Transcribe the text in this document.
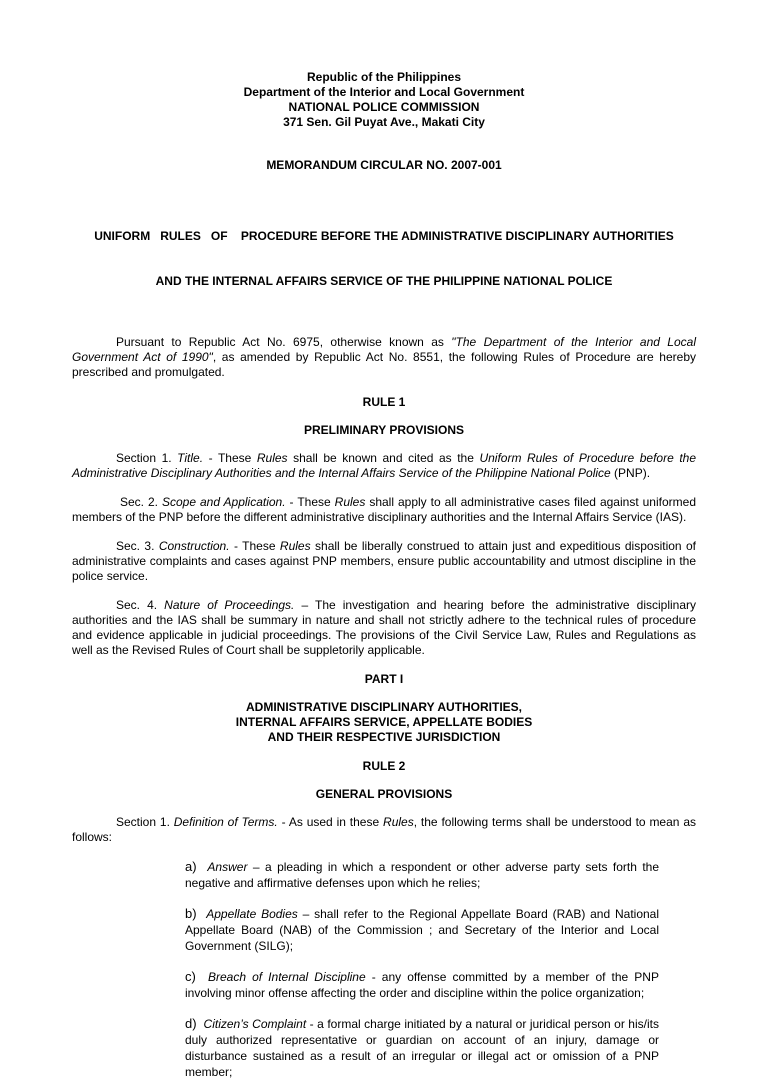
Republic of the Philippines
Department of the Interior and Local Government
NATIONAL POLICE COMMISSION
371 Sen. Gil Puyat Ave., Makati City
MEMORANDUM CIRCULAR NO. 2007-001

UNIFORM   RULES   OF    PROCEDURE BEFORE THE ADMINISTRATIVE DISCIPLINARY AUTHORITIES

AND THE INTERNAL AFFAIRS SERVICE OF THE PHILIPPINE NATIONAL POLICE

Pursuant to Republic Act No. 6975, otherwise known as "The Department of the Interior and Local Government Act of 1990", as amended by Republic Act No. 8551, the following Rules of Procedure are hereby prescribed and promulgated.

RULE 1
PRELIMINARY PROVISIONS

Section 1. Title. - These Rules shall be known and cited as the Uniform Rules of Procedure before the Administrative Disciplinary Authorities and the Internal Affairs Service of the Philippine National Police (PNP).

Sec. 2. Scope and Application. - These Rules shall apply to all administrative cases filed against uniformed members of the PNP before the different administrative disciplinary authorities and the Internal Affairs Service (IAS).

Sec. 3. Construction. - These Rules shall be liberally construed to attain just and expeditious disposition of administrative complaints and cases against PNP members, ensure public accountability and utmost discipline in the police service.

Sec. 4. Nature of Proceedings. – The investigation and hearing before the administrative disciplinary authorities and the IAS shall be summary in nature and shall not strictly adhere to the technical rules of procedure and evidence applicable in judicial proceedings. The provisions of the Civil Service Law, Rules and Regulations as well as the Revised Rules of Court shall be suppletorily applicable.

PART I
ADMINISTRATIVE DISCIPLINARY AUTHORITIES,
INTERNAL AFFAIRS SERVICE, APPELLATE BODIES
AND THEIR RESPECTIVE JURISDICTION
RULE 2
GENERAL PROVISIONS

Section 1. Definition of Terms. - As used in these Rules, the following terms shall be understood to mean as follows:

a) Answer – a pleading in which a respondent or other adverse party sets forth the negative and affirmative defenses upon which he relies;
b) Appellate Bodies – shall refer to the Regional Appellate Board (RAB) and National Appellate Board (NAB) of the Commission ; and Secretary of the Interior and Local Government (SILG);
c) Breach of Internal Discipline - any offense committed by a member of the PNP involving minor offense affecting the order and discipline within the police organization;
d) Citizen’s Complaint - a formal charge initiated by a natural or juridical person or his/its duly authorized representative or guardian on account of an injury, damage or disturbance sustained as a result of an irregular or illegal act or omission of a PNP member;
